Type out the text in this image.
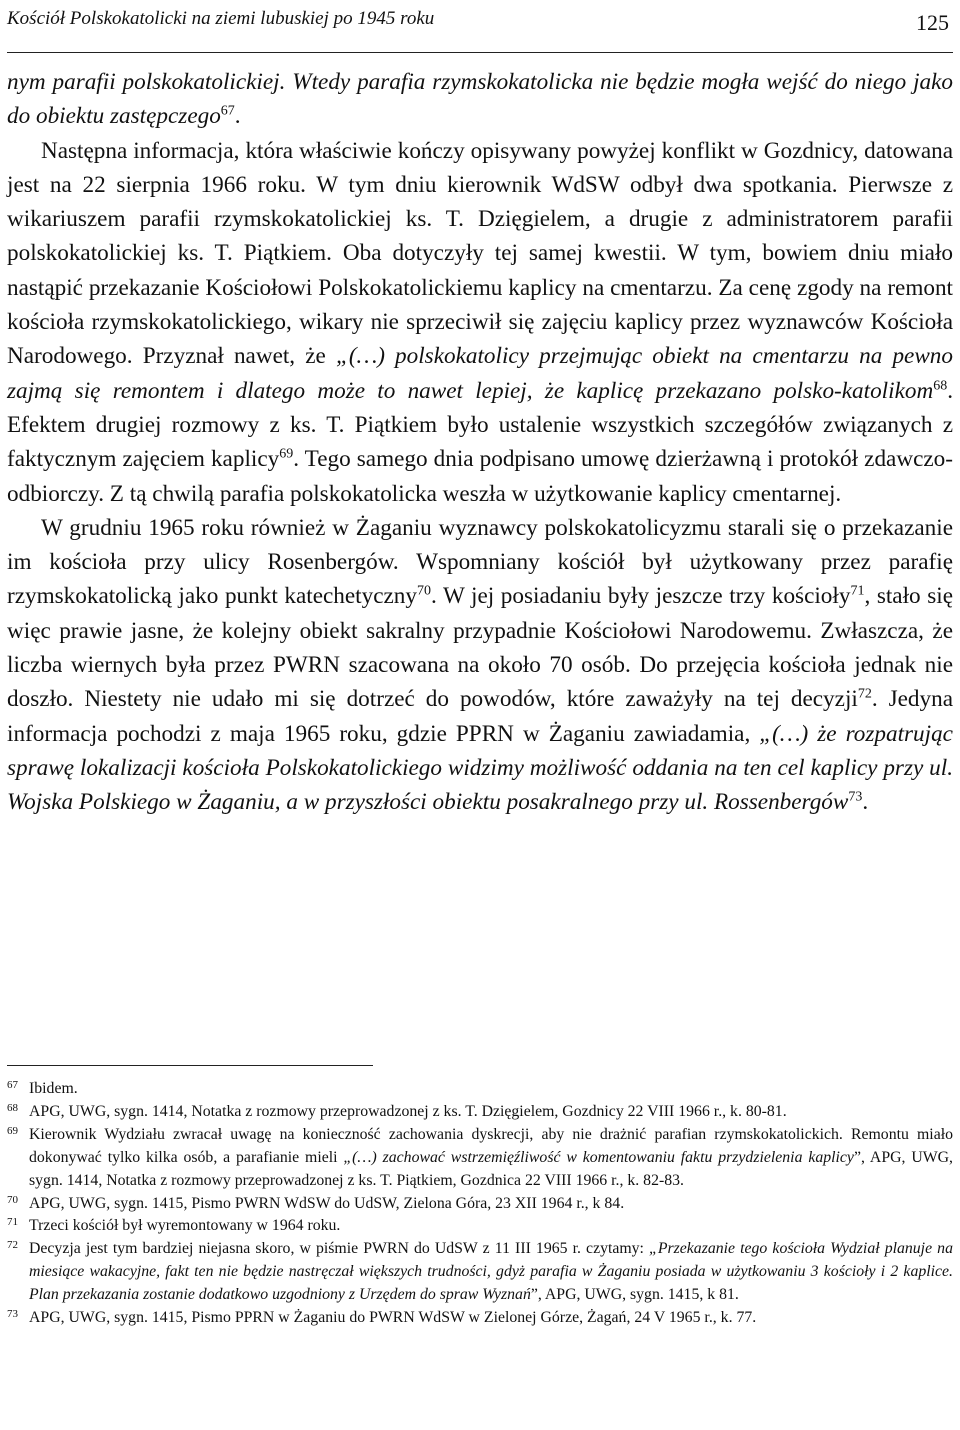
Kościół Polskokatolicki na ziemi lubuskiej po 1945 roku	125

nym parafii polskokatolickiej. Wtedy parafia rzymskokatolicka nie będzie mogła wejść do niego jako do obiektu zastępczego$^{67}$.

Następna informacja, która właściwie kończy opisywany powyżej konflikt w Gozdnicy, datowana jest na 22 sierpnia 1966 roku. W tym dniu kierownik WdSW odbył dwa spotkania. Pierwsze z wikariuszem parafii rzymskokatolickiej ks. T. Dzięgielem, a drugie z administratorem parafii polskokatolickiej ks. T. Piątkiem. Oba dotyczyły tej samej kwestii. W tym, bowiem dniu miało nastąpić przekazanie Kościołowi Polskokatolickiemu kaplicy na cmentarzu. Za cenę zgody na remont kościoła rzymskokatolickiego, wikary nie sprzeciwił się zajęciu kaplicy przez wyznawców Kościoła Narodowego. Przyznał nawet, że „(…) polskokatolicy przejmując obiekt na cmentarzu na pewno zajmą się remontem i dlatego może to nawet lepiej, że kaplicę przekazano polsko-katolikom$^{68}$. Efektem drugiej rozmowy z ks. T. Piątkiem było ustalenie wszystkich szczegółów związanych z faktycznym zajęciem kaplicy$^{69}$. Tego samego dnia podpisano umowę dzierżawną i protokół zdawczo-odbiorczy. Z tą chwilą parafia polskokatolicka weszła w użytkowanie kaplicy cmentarnej.

W grudniu 1965 roku również w Żaganiu wyznawcy polskokatolicyzmu starali się o przekazanie im kościoła przy ulicy Rosenbergów. Wspomniany kościół był użytkowany przez parafię rzymskokatolicką jako punkt katechetyczny$^{70}$. W jej posiadaniu były jeszcze trzy kościoły$^{71}$, stało się więc prawie jasne, że kolejny obiekt sakralny przypadnie Kościołowi Narodowemu. Zwłaszcza, że liczba wiernych była przez PWRN szacowana na około 70 osób. Do przejęcia kościoła jednak nie doszło. Niestety nie udało mi się dotrzeć do powodów, które zaważyły na tej decyzji$^{72}$. Jedyna informacja pochodzi z maja 1965 roku, gdzie PPRN w Żaganiu zawiadamia, „(…) że rozpatrując sprawę lokalizacji kościoła Polskokatolickiego widzimy możliwość oddania na ten cel kaplicy przy ul. Wojska Polskiego w Żaganiu, a w przyszłości obiektu posakralnego przy ul. Rossenbergów$^{73}$.

67 Ibidem.
68 APG, UWG, sygn. 1414, Notatka z rozmowy przeprowadzonej z ks. T. Dzięgielem, Gozdnicy 22 VIII 1966 r., k. 80-81.
69 Kierownik Wydziału zwracał uwagę na konieczność zachowania dyskrecji, aby nie drażnić parafian rzymskokatolickich. Remontu miało dokonywać tylko kilka osób, a parafianie mieli „(…) zachować wstrzemięźliwość w komentowaniu faktu przydzielenia kaplicy”, APG, UWG, sygn. 1414, Notatka z rozmowy przeprowadzonej z ks. T. Piątkiem, Gozdnica 22 VIII 1966 r., k. 82-83.
70 APG, UWG, sygn. 1415, Pismo PWRN WdSW do UdSW, Zielona Góra, 23 XII 1964 r., k 84.
71 Trzeci kościół był wyremontowany w 1964 roku.
72 Decyzja jest tym bardziej niejasna skoro, w piśmie PWRN do UdSW z 11 III 1965 r. czytamy: „Przekazanie tego kościoła Wydział planuje na miesiące wakacyjne, fakt ten nie będzie nastręczał większych trudności, gdyż parafia w Żaganiu posiada w użytkowaniu 3 kościoły i 2 kaplice. Plan przekazania zostanie dodatkowo uzgodniony z Urzędem do spraw Wyznań”, APG, UWG, sygn. 1415, k 81.
73 APG, UWG, sygn. 1415, Pismo PPRN w Żaganiu do PWRN WdSW w Zielonej Górze, Żagań, 24 V 1965 r., k. 77.
